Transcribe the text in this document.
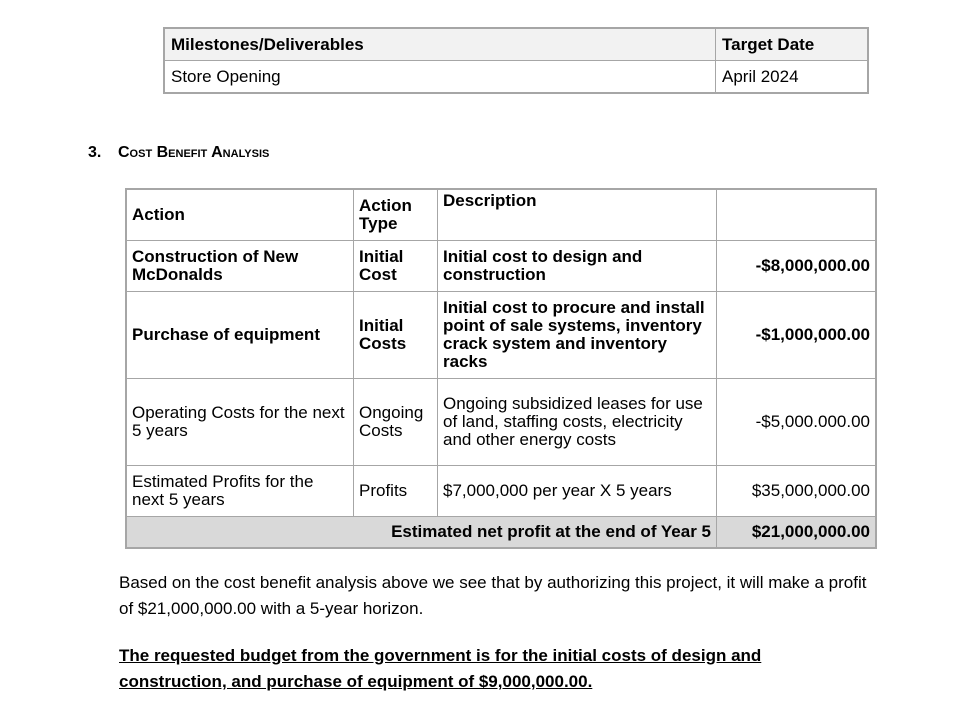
Milestones/Deliverables	Target Date
Store Opening	April 2024
3. Cost Benefit Analysis
Action	Action Type	Description	
Construction of New McDonalds	Initial Cost	Initial cost to design and construction	-$8,000,000.00
Purchase of equipment	Initial Costs	Initial cost to procure and install point of sale systems, inventory crack system and inventory racks	-$1,000,000.00
Operating Costs for the next 5 years	Ongoing Costs	Ongoing subsidized leases for use of land, staffing costs, electricity and other energy costs	-$5,000.000.00
Estimated Profits for the next 5 years	Profits	$7,000,000 per year X 5 years	$35,000,000.00
Estimated net profit at the end of Year 5			$21,000,000.00

Based on the cost benefit analysis above we see that by authorizing this project, it will make a profit of $21,000,000.00 with a 5-year horizon.

The requested budget from the government is for the initial costs of design and construction, and purchase of equipment of $9,000,000.00.
